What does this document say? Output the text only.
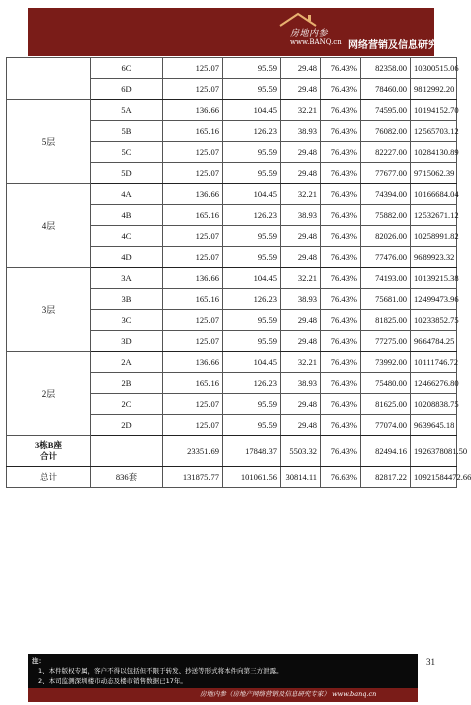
房地内参
www.BANQ.cn 网络营销及信息研究专家
	6C	125.07	95.59	29.48	76.43%	82358.00	10300515.06
	6D	125.07	95.59	29.48	76.43%	78460.00	9812992.20
5层	5A	136.66	104.45	32.21	76.43%	74595.00	10194152.70
	5B	165.16	126.23	38.93	76.43%	76082.00	12565703.12
	5C	125.07	95.59	29.48	76.43%	82227.00	10284130.89
	5D	125.07	95.59	29.48	76.43%	77677.00	9715062.39
4层	4A	136.66	104.45	32.21	76.43%	74394.00	10166684.04
	4B	165.16	126.23	38.93	76.43%	75882.00	12532671.12
	4C	125.07	95.59	29.48	76.43%	82026.00	10258991.82
	4D	125.07	95.59	29.48	76.43%	77476.00	9689923.32
3层	3A	136.66	104.45	32.21	76.43%	74193.00	10139215.38
	3B	165.16	126.23	38.93	76.43%	75681.00	12499473.96
	3C	125.07	95.59	29.48	76.43%	81825.00	10233852.75
	3D	125.07	95.59	29.48	76.43%	77275.00	9664784.25
2层	2A	136.66	104.45	32.21	76.43%	73992.00	10111746.72
	2B	165.16	126.23	38.93	76.43%	75480.00	12466276.80
	2C	125.07	95.59	29.48	76.43%	81625.00	10208838.75
	2D	125.07	95.59	29.48	76.43%	77074.00	9639645.18

3栋B座
合计		23351.69	17848.37	5503.32	76.43%	82494.16	1926378081.50
总计	836套	131875.77	101061.56	30814.11	76.63%	82817.22	10921584472.66
31
注：
1、本件版权专属，客户不得以包括但不限于转发、抄送等形式将本件向第三方泄露。
2、本司监测深圳楼市动态及楼市销售数据已17年。
房地内参（房地产网络营销及信息研究专家） www.banq.cn
